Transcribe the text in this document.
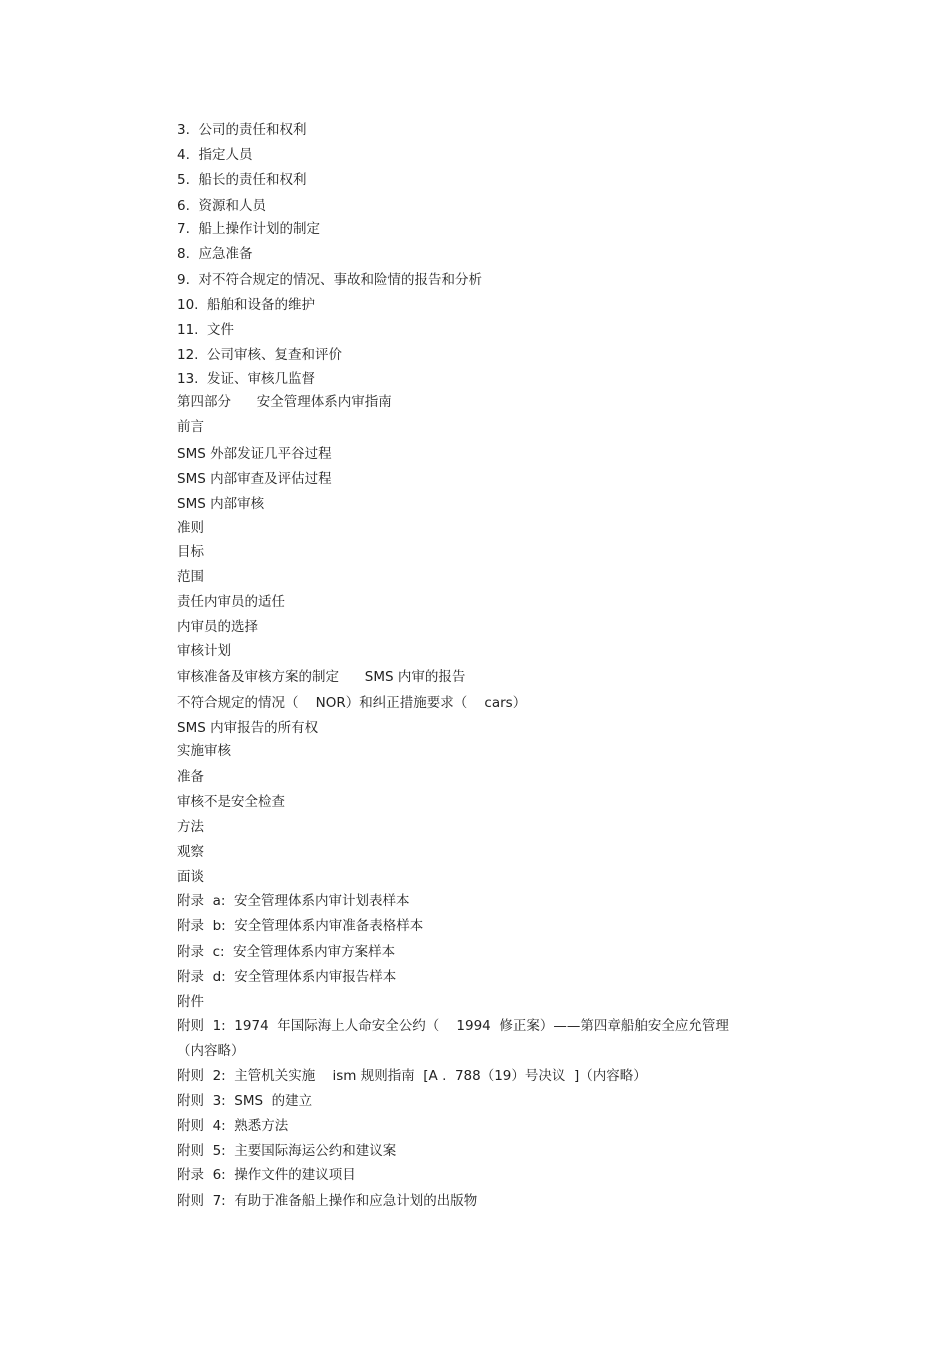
3.  公司的责任和权利
4.  指定人员
5.  船长的责任和权利
6.  资源和人员
7.  船上操作计划的制定
8.  应急准备
9.  对不符合规定的情况、事故和险情的报告和分析
10.  船舶和设备的维护
11.  文件
12.  公司审核、复查和评价
13.  发证、审核几监督
第四部分      安全管理体系内审指南
前言
SMS 外部发证几平谷过程
SMS 内部审查及评估过程
SMS 内部审核
准则
目标
范围
责任内审员的适任
内审员的选择
审核计划
审核准备及审核方案的制定      SMS 内审的报告
不符合规定的情况（    NOR）和纠正措施要求（    cars）
SMS 内审报告的所有权
实施审核
准备
审核不是安全检查
方法
观察
面谈
附录  a:  安全管理体系内审计划表样本
附录  b:  安全管理体系内审准备表格样本
附录  c:  安全管理体系内审方案样本
附录  d:  安全管理体系内审报告样本
附件
附则  1:  1974  年国际海上人命安全公约（    1994  修正案）——第四章船舶安全应允管理
（内容略）
附则  2:  主管机关实施    ism 规则指南  [A .  788（19）号决议  ]（内容略）
附则  3:  SMS  的建立
附则  4:  熟悉方法
附则  5:  主要国际海运公约和建议案
附录  6:  操作文件的建议项目
附则  7:  有助于准备船上操作和应急计划的出版物
